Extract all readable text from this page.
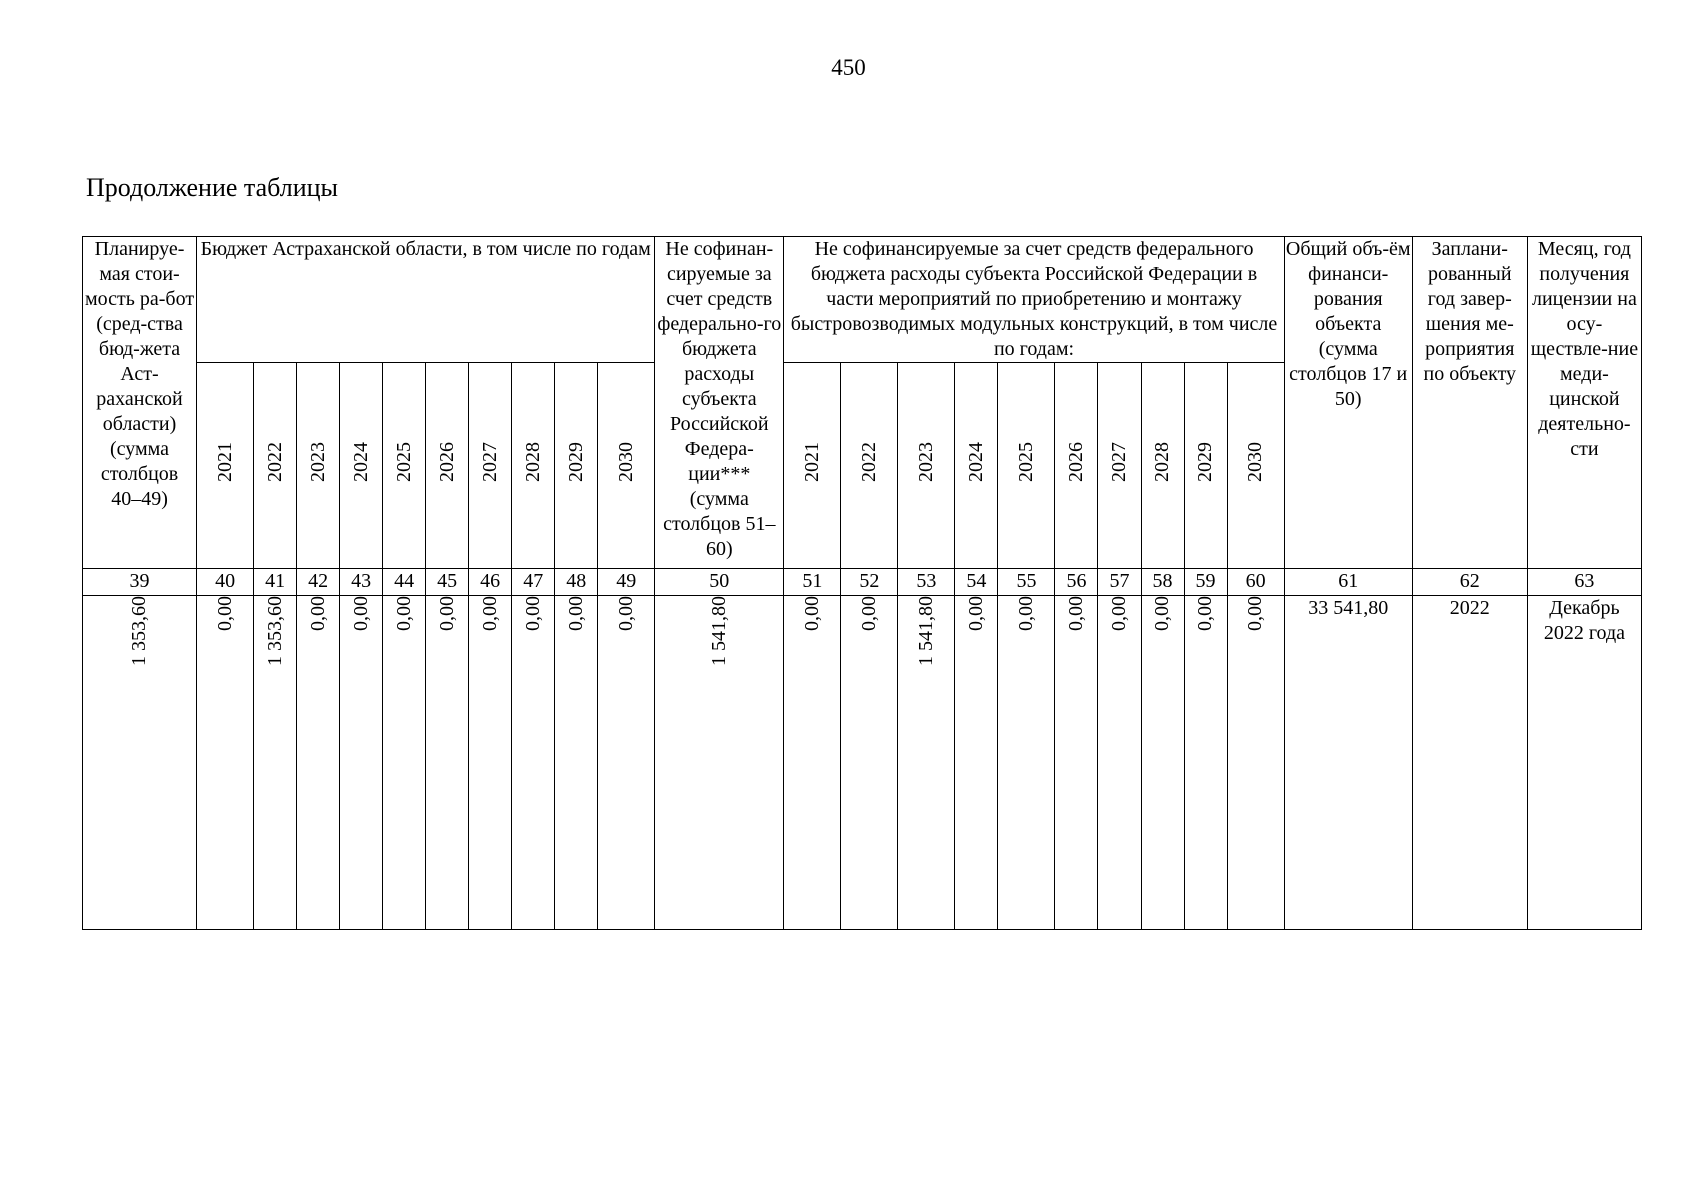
450
Продолжение таблицы
Планируе-мая стои-мость ра-бот (сред-ства бюд-жета Аст-раханской области) (сумма столбцов 40–49)	Бюджет Астраханской области, в том числе по годам										Не софинан-сируемые за счет средств федерально-го бюджета расходы субъекта Российской Федера-ции*** (сумма столбцов 51–60)	Не софинансируемые за счет средств федерального бюджета расходы субъекта Российской Федерации в части мероприятий по приобретению и монтажу быстровозводимых модульных конструкций, в том числе по годам:										Общий объ-ём финанси-рования объекта (сумма столбцов 17 и 50)	Заплани-рованный год завер-шения ме-роприятия по объекту	Месяц, год получения лицензии на осу-ществле-ние меди-цинской деятельно-сти
	2021	2022	2023	2024	2025	2026	2027	2028	2029	2030		2021	2022	2023	2024	2025	2026	2027	2028	2029	2030			
39	40	41	42	43	44	45	46	47	48	49	50	51	52	53	54	55	56	57	58	59	60	61	62	63
1 353,60	0,00	1 353,60	0,00	0,00	0,00	0,00	0,00	0,00	0,00	0,00	1 541,80	0,00	0,00	1 541,80	0,00	0,00	0,00	0,00	0,00	0,00	0,00	33 541,80	2022	Декабрь 2022 года
